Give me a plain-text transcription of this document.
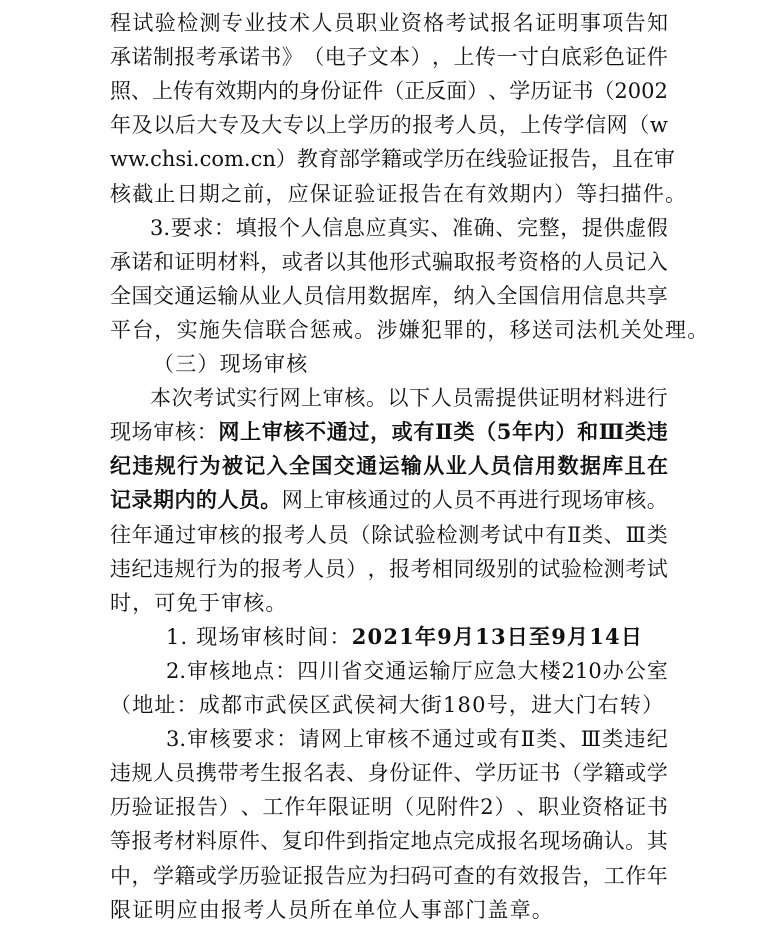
程 试 验 检 测 专 业 技 术 人 员 职 业 资 格 考 试 报 名 证 明 事 项 告 知
承 诺 制 报 考 承 诺 书 》 （ 电 子 文 本 ） ， 上 传 一 寸 白 底 彩 色 证 件
照 、 上 传 有 效 期 内 的 身 份 证 件 （ 正 反 面 ） 、 学 历 证 书 （ 2002
年 及 以 后 大 专 及 大 专 以 上 学 历 的 报 考 人 员 ， 上 传 学 信 网 （ w
ww.chsi.com.cn ） 教 育 部 学 籍 或 学 历 在 线 验 证 报 告 ， 且 在 审
核截止日期之前，应保证验证报告在有效期内）等扫描件。
3. 要 求 ： 填 报 个 人 信 息 应 真 实 、 准 确 、 完 整 ， 提 供 虚 假
承 诺 和 证 明 材 料 ， 或 者 以 其 他 形 式 骗 取 报 考 资 格 的 人 员 记 入
全 国 交 通 运 输 从 业 人 员 信 用 数 据 库 ， 纳 入 全 国 信 用 信 息 共 享
平台，实施失信联合惩戒。涉嫌犯罪的，移送司法机关处理。
（三）现场审核
本 次 考 试 实 行 网 上 审 核 。 以 下 人 员 需 提 供 证 明 材 料 进 行
现 场 审 核 ： 网 上 审 核 不 通 过 ， 或 有 Ⅱ 类 （ 5 年 内 ） 和 Ⅲ 类 违
纪 违 规 行 为 被 记 入 全 国 交 通 运 输 从 业 人 员 信 用 数 据 库 且 在
记 录 期 内 的 人 员 。 网 上 审 核 通 过 的 人 员 不 再 进 行 现 场 审 核 。
往 年 通 过 审 核 的 报 考 人 员 （ 除 试 验 检 测 考 试 中 有 Ⅱ 类 、 Ⅲ 类
违 纪 违 规 行 为 的 报 考 人 员 ） ， 报 考 相 同 级 别 的 试 验 检 测 考 试
时，可免于审核。
1. 现场审核时间：2021年9月13日至9月14日
2. 审 核 地 点 ： 四 川 省 交 通 运 输 厅 应 急 大 楼 210 办 公 室
（地址：成都市武侯区武侯祠大街180号，进大门右转）
3. 审 核 要 求 ： 请 网 上 审 核 不 通 过 或 有 Ⅱ 类 、 Ⅲ 类 违 纪
违 规 人 员 携 带 考 生 报 名 表 、 身 份 证 件 、 学 历 证 书 （ 学 籍 或 学
历 验 证 报 告 ） 、 工 作 年 限 证 明 （ 见 附 件 2 ） 、 职 业 资 格 证 书
等 报 考 材 料 原 件 、 复 印 件 到 指 定 地 点 完 成 报 名 现 场 确 认 。 其
中 ， 学 籍 或 学 历 验 证 报 告 应 为 扫 码 可 查 的 有 效 报 告 ， 工 作 年
限证明应由报考人员所在单位人事部门盖章。
